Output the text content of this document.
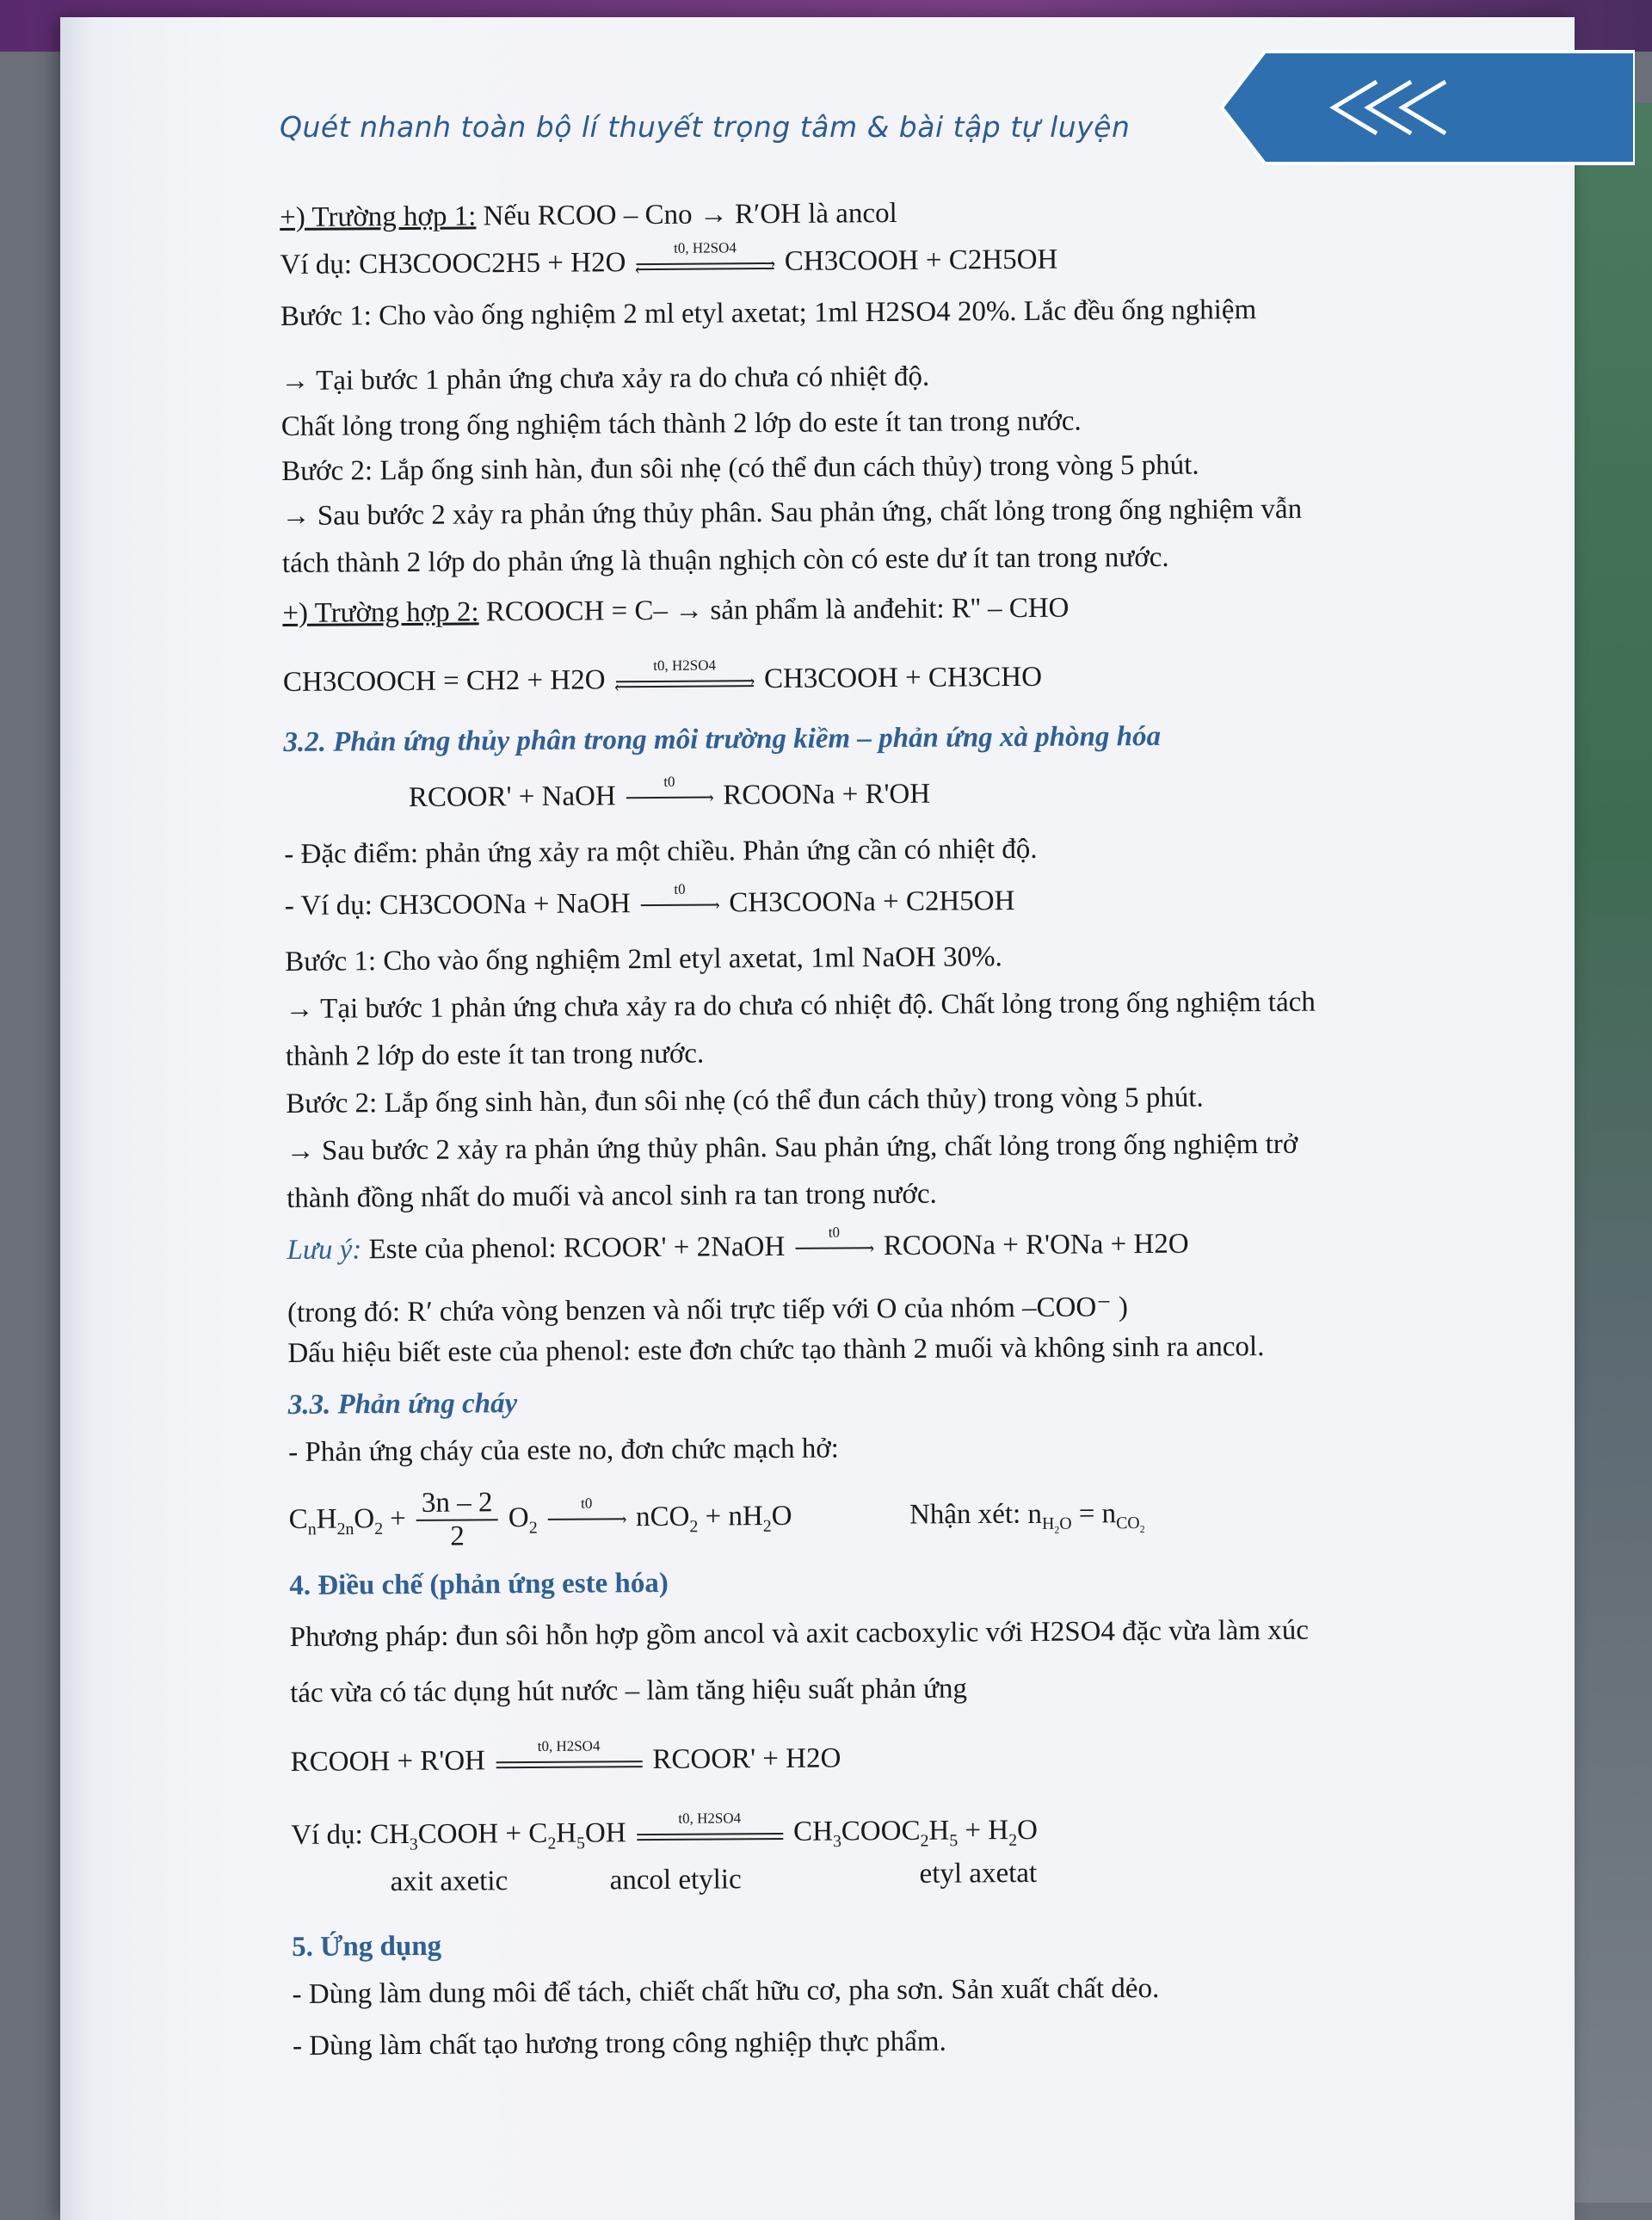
Quét nhanh toàn bộ lí thuyết trọng tâm & bài tập tự luyện
+) Trường hợp 1: Nếu RCOO – Cno → R′OH là ancol
Ví dụ: CH3COOC2H5 + H2O	t0, H2SO4
›
‹	CH3COOH + C2H5OH
Bước 1: Cho vào ống nghiệm 2 ml etyl axetat; 1ml H2SO4 20%. Lắc đều ống nghiệm
→ Tại bước 1 phản ứng chưa xảy ra do chưa có nhiệt độ.
Chất lỏng trong ống nghiệm tách thành 2 lớp do este ít tan trong nước.
Bước 2: Lắp ống sinh hàn, đun sôi nhẹ (có thể đun cách thủy) trong vòng 5 phút.
→ Sau bước 2 xảy ra phản ứng thủy phân. Sau phản ứng, chất lỏng trong ống nghiệm vẫn
tách thành 2 lớp do phản ứng là thuận nghịch còn có este dư ít tan trong nước.
+) Trường hợp 2: RCOOCH = C– → sản phẩm là anđehit: R'' – CHO
CH3COOCH = CH2 + H2O	t0, H2SO4
›
‹	CH3COOH + CH3CHO
3.2. Phản ứng thủy phân trong môi trường kiềm – phản ứng xà phòng hóa
RCOOR' + NaOH	t0
› RCOONa + R'OH
- Đặc điểm: phản ứng xảy ra một chiều. Phản ứng cần có nhiệt độ.
- Ví dụ: CH3COONa + NaOH	t0
› CH3COONa + C2H5OH
Bước 1: Cho vào ống nghiệm 2ml etyl axetat, 1ml NaOH 30%.
→ Tại bước 1 phản ứng chưa xảy ra do chưa có nhiệt độ. Chất lỏng trong ống nghiệm tách
thành 2 lớp do este ít tan trong nước.
Bước 2: Lắp ống sinh hàn, đun sôi nhẹ (có thể đun cách thủy) trong vòng 5 phút.
→ Sau bước 2 xảy ra phản ứng thủy phân. Sau phản ứng, chất lỏng trong ống nghiệm trở
thành đồng nhất do muối và ancol sinh ra tan trong nước.
Lưu ý: Este của phenol: RCOOR' + 2NaOH	t0
› RCOONa + R'ONa + H2O
(trong đó: R′ chứa vòng benzen và nối trực tiếp với O của nhóm –COO⁻ )
Dấu hiệu biết este của phenol: este đơn chức tạo thành 2 muối và không sinh ra ancol.
3.3. Phản ứng cháy
- Phản ứng cháy của este no, đơn chức mạch hở:
$C_nH_{2n}O_2 + \frac{3n - 2}{2} O_2$
t0
› $nCO_2 + nH_2O$	Nhận xét: $n_{H_2O} = n_{CO_2}$
4. Điều chế (phản ứng este hóa)
Phương pháp: đun sôi hỗn hợp gồm ancol và axit cacboxylic với H2SO4 đặc vừa làm xúc
tác vừa có tác dụng hút nước – làm tăng hiệu suất phản ứng
RCOOH + R'OH	t0, H2SO4	RCOOR' + H2O
Ví dụ: $CH_3COOH + C_2H_5OH$	t0, H2SO4	$CH_3COOC_2H_5 + H_2O$
axit axetic	ancol etylic	etyl axetat
5. Ứng dụng
- Dùng làm dung môi để tách, chiết chất hữu cơ, pha sơn. Sản xuất chất dẻo.
- Dùng làm chất tạo hương trong công nghiệp thực phẩm.
